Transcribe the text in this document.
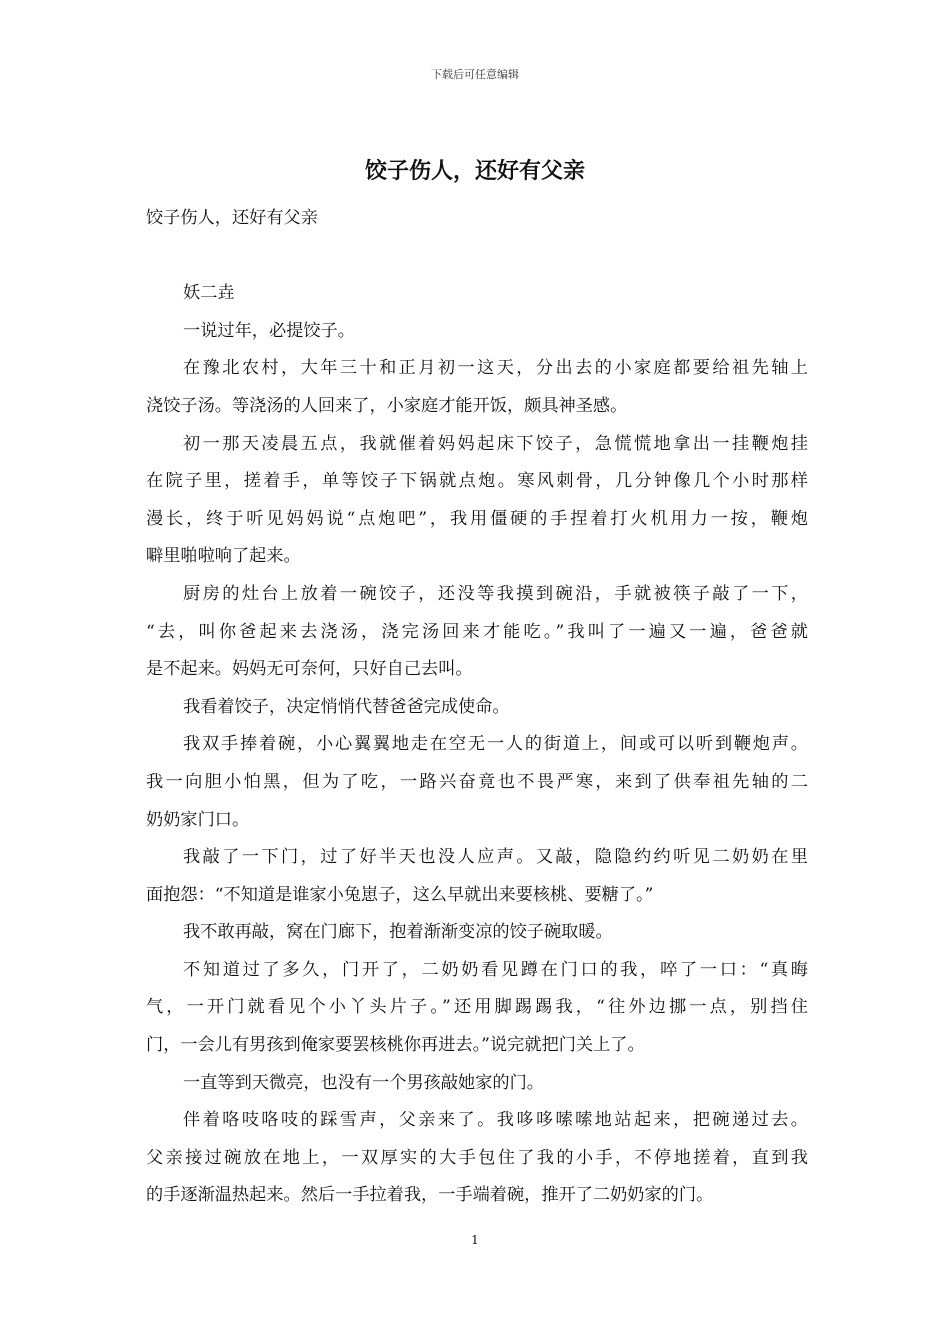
下载后可任意编辑
饺子伤人，还好有父亲
饺子伤人，还好有父亲
妖二垚
一说过年，必提饺子。
在豫北农村，大年三十和正月初一这天，分出去的小家庭都要给祖先轴上
浇饺子汤。等浇汤的人回来了，小家庭才能开饭，颇具神圣感。
初一那天凌晨五点，我就催着妈妈起床下饺子，急慌慌地拿出一挂鞭炮挂
在院子里，搓着手，单等饺子下锅就点炮。寒风刺骨，几分钟像几个小时那样
漫长，终于听见妈妈说“点炮吧”，我用僵硬的手捏着打火机用力一按，鞭炮
噼里啪啦响了起来。
厨房的灶台上放着一碗饺子，还没等我摸到碗沿，手就被筷子敲了一下，
“去，叫你爸起来去浇汤，浇完汤回来才能吃。”我叫了一遍又一遍，爸爸就
是不起来。妈妈无可奈何，只好自己去叫。
我看着饺子，决定悄悄代替爸爸完成使命。
我双手捧着碗，小心翼翼地走在空无一人的街道上，间或可以听到鞭炮声。
我一向胆小怕黑，但为了吃，一路兴奋竟也不畏严寒，来到了供奉祖先轴的二
奶奶家门口。
我敲了一下门，过了好半天也没人应声。又敲，隐隐约约听见二奶奶在里
面抱怨：“不知道是谁家小兔崽子，这么早就出来要核桃、要糖了。”
我不敢再敲，窝在门廊下，抱着渐渐变凉的饺子碗取暖。
不知道过了多久，门开了，二奶奶看见蹲在门口的我，啐了一口：“真晦
气，一开门就看见个小丫头片子。”还用脚踢踢我，“往外边挪一点，别挡住
门，一会儿有男孩到俺家要罢核桃你再进去。”说完就把门关上了。
一直等到天微亮，也没有一个男孩敲她家的门。
伴着咯吱咯吱的踩雪声，父亲来了。我哆哆嗦嗦地站起来，把碗递过去。
父亲接过碗放在地上，一双厚实的大手包住了我的小手，不停地搓着，直到我
的手逐渐温热起来。然后一手拉着我，一手端着碗，推开了二奶奶家的门。
1
